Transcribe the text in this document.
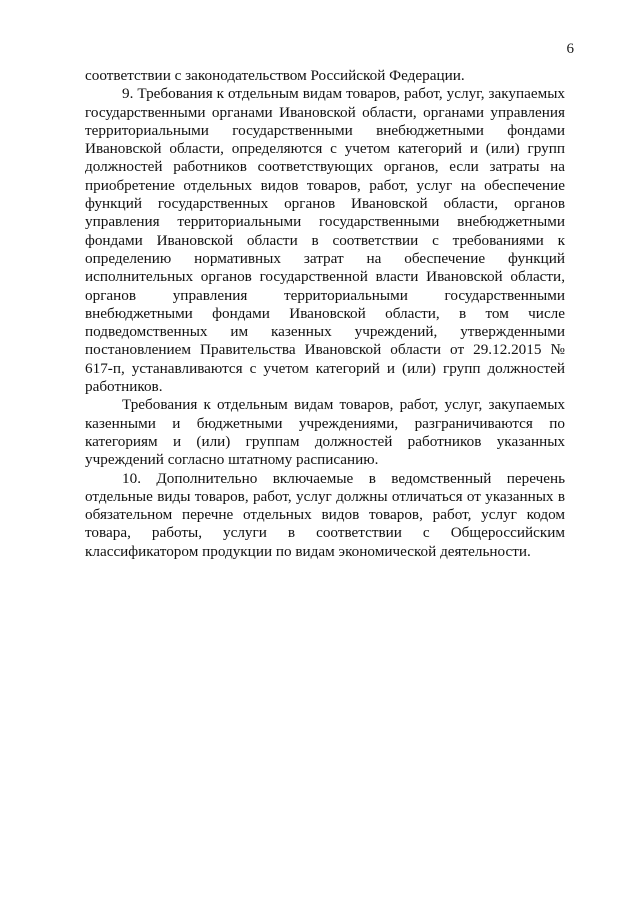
6

соответствии с законодательством Российской Федерации.

9. Требования к отдельным видам товаров, работ, услуг, закупаемых государственными органами Ивановской области, органами управления территориальными государственными внебюджетными фондами Ивановской области, определяются с учетом категорий и (или) групп должностей работников соответствующих органов, если затраты на приобретение отдельных видов товаров, работ, услуг на обеспечение функций государственных органов Ивановской области, органов управления территориальными государственными внебюджетными фондами Ивановской области в соответствии с требованиями к определению нормативных затрат на обеспечение функций исполнительных органов государственной власти Ивановской области, органов управления территориальными государственными внебюджетными фондами Ивановской области, в том числе подведомственных им казенных учреждений, утвержденными постановлением Правительства Ивановской области от 29.12.2015 № 617-п, устанавливаются с учетом категорий и (или) групп должностей работников.

Требования к отдельным видам товаров, работ, услуг, закупаемых казенными и бюджетными учреждениями, разграничиваются по категориям и (или) группам должностей работников указанных учреждений согласно штатному расписанию.

10. Дополнительно включаемые в ведомственный перечень отдельные виды товаров, работ, услуг должны отличаться от указанных в обязательном перечне отдельных видов товаров, работ, услуг кодом товара, работы, услуги в соответствии с Общероссийским классификатором продукции по видам экономической деятельности.
